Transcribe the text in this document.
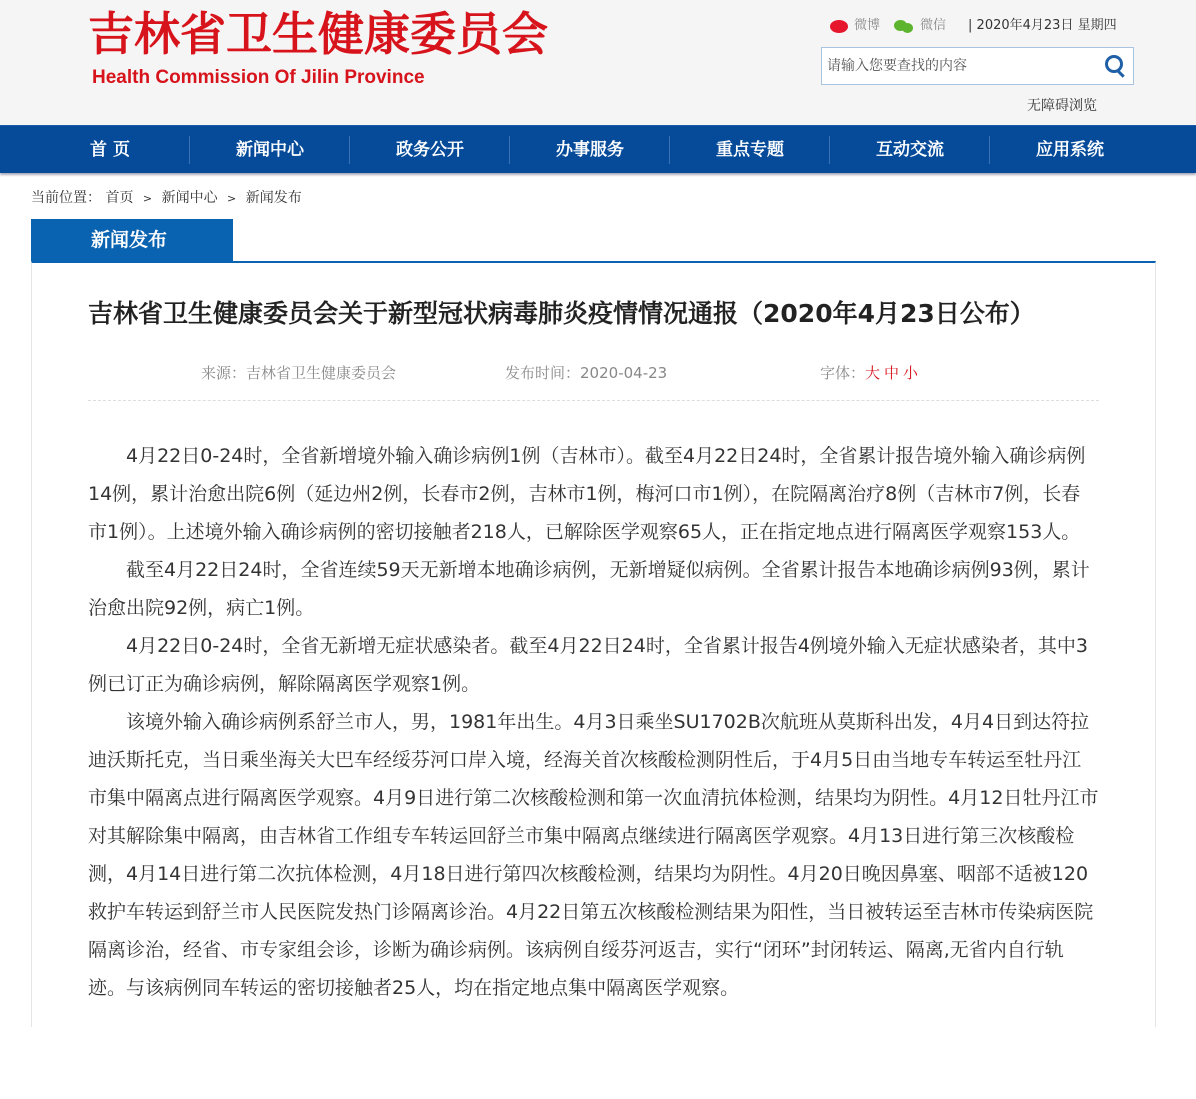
吉林省卫生健康委员会
Health Commission Of Jilin Province
微博	微信 | 2020年4月23日 星期四
请输入您要查找的内容
无障碍浏览
首 页	新闻中心	政务公开	办事服务	重点专题	互动交流	应用系统
当前位置： 首页 > 新闻中心 > 新闻发布
新闻发布
吉林省卫生健康委员会关于新型冠状病毒肺炎疫情情况通报（2020年4月23日公布）
来源：吉林省卫生健康委员会	发布时间：2020-04-23	字体：大 中 小

4月22日0-24时，全省新增境外输入确诊病例1例（吉林市）。截至4月22日24时，全省累计报告境外输入确诊病例14例，累计治愈出院6例（延边州2例，长春市2例，吉林市1例，梅河口市1例），在院隔离治疗8例（吉林市7例，长春市1例）。上述境外输入确诊病例的密切接触者218人，已解除医学观察65人，正在指定地点进行隔离医学观察153人。

截至4月22日24时，全省连续59天无新增本地确诊病例，无新增疑似病例。全省累计报告本地确诊病例93例，累计治愈出院92例，病亡1例。

4月22日0-24时，全省无新增无症状感染者。截至4月22日24时，全省累计报告4例境外输入无症状感染者，其中3例已订正为确诊病例，解除隔离医学观察1例。

该境外输入确诊病例系舒兰市人，男，1981年出生。4月3日乘坐SU1702B次航班从莫斯科出发，4月4日到达符拉迪沃斯托克，当日乘坐海关大巴车经绥芬河口岸入境，经海关首次核酸检测阴性后，于4月5日由当地专车转运至牡丹江市集中隔离点进行隔离医学观察。4月9日进行第二次核酸检测和第一次血清抗体检测，结果均为阴性。4月12日牡丹江市对其解除集中隔离，由吉林省工作组专车转运回舒兰市集中隔离点继续进行隔离医学观察。4月13日进行第三次核酸检测，4月14日进行第二次抗体检测，4月18日进行第四次核酸检测，结果均为阴性。4月20日晚因鼻塞、咽部不适被120救护车转运到舒兰市人民医院发热门诊隔离诊治。4月22日第五次核酸检测结果为阳性，当日被转运至吉林市传染病医院隔离诊治，经省、市专家组会诊，诊断为确诊病例。该病例自绥芬河返吉，实行“闭环”封闭转运、隔离,无省内自行轨迹。与该病例同车转运的密切接触者25人，均在指定地点集中隔离医学观察。
